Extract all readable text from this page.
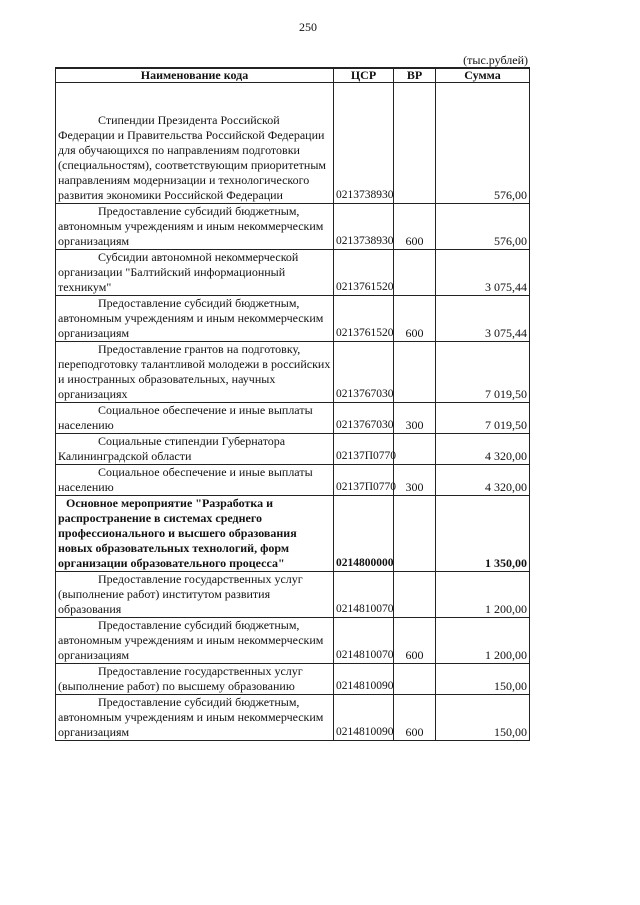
250
(тыс.рублей)
Наименование кода	ЦСР	ВР	Сумма
Стипендии Президента Российской Федерации и Правительства Российской Федерации для обучающихся по направлениям подготовки (специальностям), соответствующим приоритетным направлениям модернизации и технологического развития экономики Российской Федерации	0213738930		576,00
Предоставление субсидий бюджетным, автономным учреждениям и иным некоммерческим организациям	0213738930	600	576,00
Субсидии автономной некоммерческой организации "Балтийский информационный техникум"	0213761520		3 075,44
Предоставление субсидий бюджетным, автономным учреждениям и иным некоммерческим организациям	0213761520	600	3 075,44
Предоставление грантов на подготовку, переподготовку талантливой молодежи в российских и иностранных образовательных, научных организациях	0213767030		7 019,50
Социальное обеспечение и иные выплаты населению	0213767030	300	7 019,50
Социальные стипендии Губернатора Калининградской области	02137П0770		4 320,00
Социальное обеспечение и иные выплаты населению	02137П0770	300	4 320,00
Основное мероприятие "Разработка и распространение в системах среднего профессионального и высшего образования новых образовательных технологий, форм организации образовательного процесса"	0214800000		1 350,00
Предоставление государственных услуг (выполнение работ) институтом развития образования	0214810070		1 200,00
Предоставление субсидий бюджетным, автономным учреждениям и иным некоммерческим организациям	0214810070	600	1 200,00
Предоставление государственных услуг (выполнение работ) по высшему образованию	0214810090		150,00
Предоставление субсидий бюджетным, автономным учреждениям и иным некоммерческим организациям	0214810090	600	150,00
